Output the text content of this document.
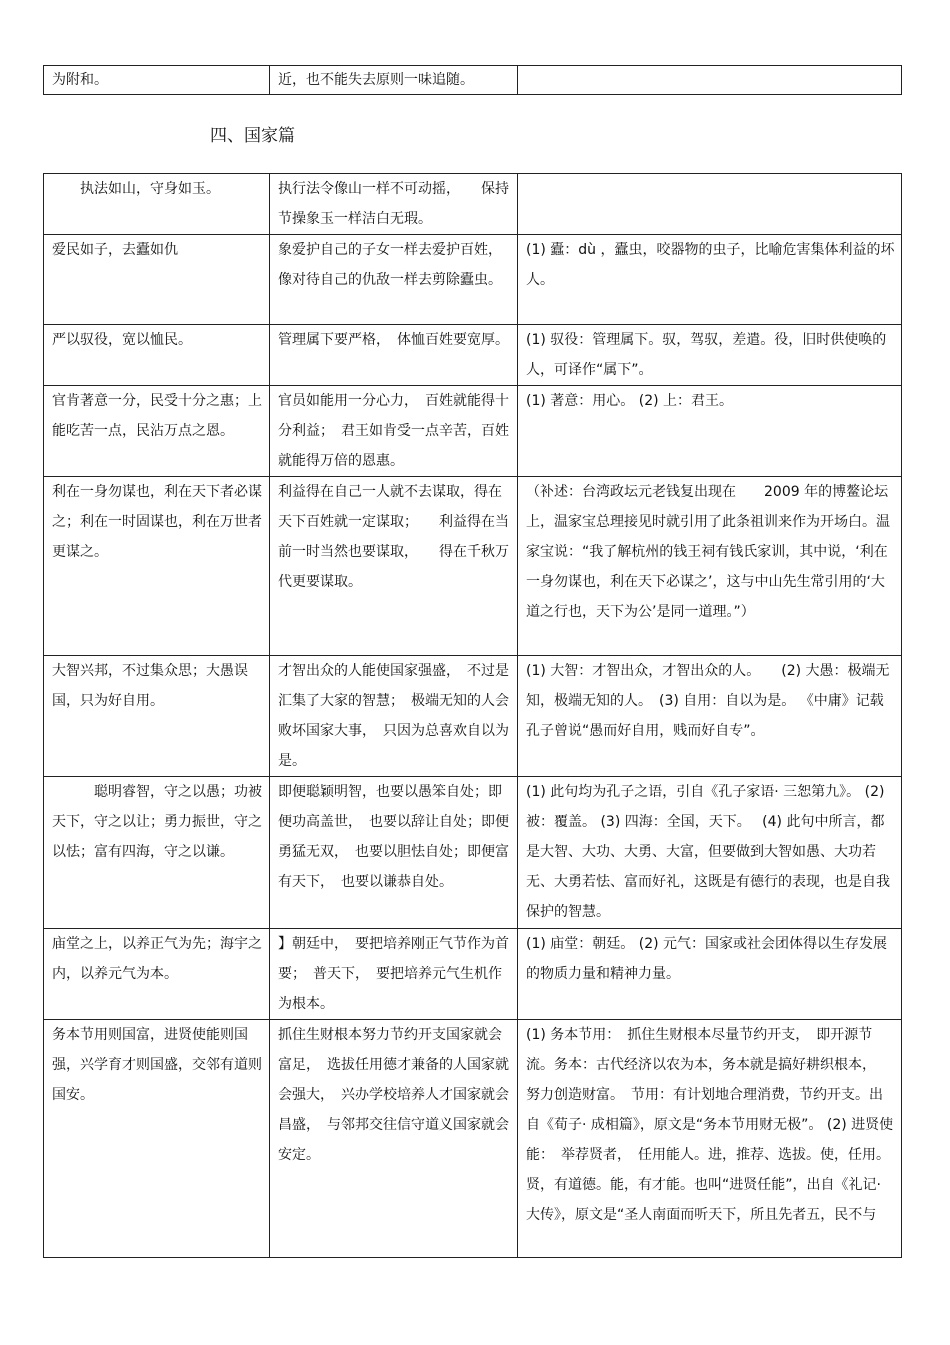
为附和。	近，也不能失去原则一味追随。

四、国家篇
　　执法如山，守身如玉。	执行法令像山一样不可动摇，　　保持节操象玉一样洁白无瑕。	

爱民如子，去蠹如仇	象爱护自己的子女一样去爱护百姓，像对待自己的仇敌一样去剪除蠹虫。	(1) 蠹：dù ，蠹虫，咬器物的虫子，比喻危害集体利益的坏人。

严以驭役，宽以恤民。	管理属下要严格，　体恤百姓要宽厚。	(1) 驭役：管理属下。驭，驾驭，差遣。役，旧时供使唤的人，可译作“属下”。

官肯著意一分，民受十分之惠；上能吃苦一点，民沾万点之恩。	官员如能用一分心力，　百姓就能得十分利益；　君王如肯受一点辛苦，百姓就能得万倍的恩惠。	(1) 著意：用心。 (2) 上：君王。

利在一身勿谋也，利在天下者必谋之；利在一时固谋也，利在万世者更谋之。	利益得在自己一人就不去谋取，得在天下百姓就一定谋取；　　利益得在当前一时当然也要谋取，　　得在千秋万代更要谋取。	（补述：台湾政坛元老钱复出现在　　2009 年的博鳌论坛上，温家宝总理接见时就引用了此条祖训来作为开场白。温家宝说：“我了解杭州的钱王祠有钱氏家训，其中说，‘利在一身勿谋也，利在天下必谋之’，这与中山先生常引用的‘大道之行也，天下为公’是同一道理。”）

大智兴邦，不过集众思；大愚误国，只为好自用。	才智出众的人能使国家强盛，　不过是汇集了大家的智慧；　极端无知的人会败坏国家大事，　只因为总喜欢自以为是。	(1) 大智：才智出众，才智出众的人。　　(2) 大愚：极端无知，极端无知的人。　(3) 自用：自以为是。 《中庸》记载孔子曾说“愚而好自用，贱而好自专”。

　　　聪明睿智，守之以愚；功被天下，守之以让；勇力振世，守之以怯；富有四海，守之以谦。	即便聪颖明智，也要以愚笨自处；即便功高盖世，　也要以辞让自处；即便勇猛无双，　也要以胆怯自处；即便富有天下，　也要以谦恭自处。	(1) 此句均为孔子之语，引自《孔子家语· 三恕第九》。 (2) 被：覆盖。 (3) 四海：全国，天下。　 (4) 此句中所言，都是大智、大功、大勇、大富，但要做到大智如愚、大功若无、大勇若怯、富而好礼，这既是有德行的表现，也是自我保护的智慧。

庙堂之上，以养正气为先；海宇之内，以养元气为本。	】朝廷中，　要把培养刚正气节作为首要；　普天下，　要把培养元气生机作为根本。	(1) 庙堂：朝廷。 (2) 元气：国家或社会团体得以生存发展的物质力量和精神力量。

务本节用则国富，进贤使能则国强，兴学育才则国盛，交邻有道则国安。	抓住生财根本努力节约开支国家就会富足，　选拔任用德才兼备的人国家就会强大，　兴办学校培养人才国家就会昌盛，　与邻邦交往信守道义国家就会安定。	(1) 务本节用：　抓住生财根本尽量节约开支，　即开源节流。务本：古代经济以农为本，务本就是搞好耕织根本，　努力创造财富。　节用：有计划地合理消费，节约开支。出自《荀子· 成相篇》，原文是“务本节用财无极”。 (2) 进贤使能：　举荐贤者，　任用能人。进，推荐、选拔。使，任用。贤，有道德。能，有才能。也叫“进贤任能”，出自《礼记· 大传》，原文是“圣人南面而听天下，所且先者五，民不与
